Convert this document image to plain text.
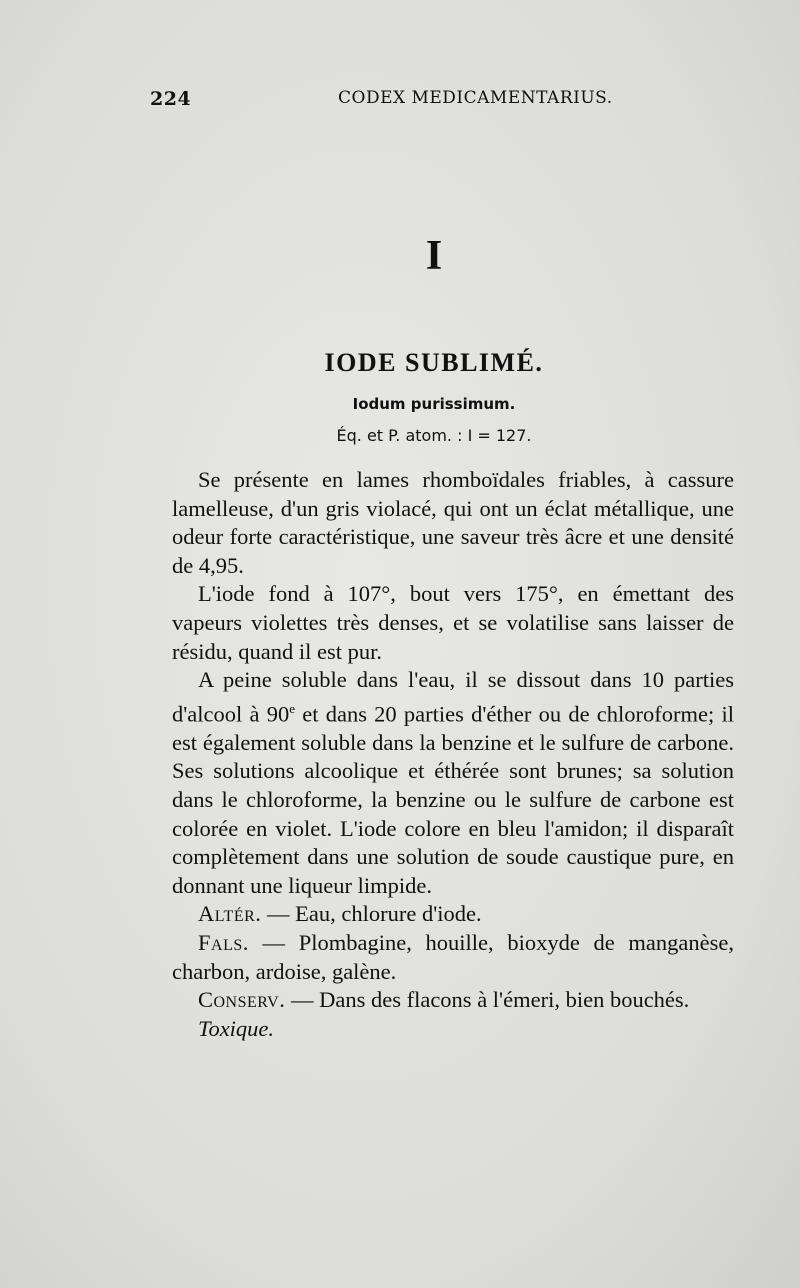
224	CODEX MEDICAMENTARIUS.
I
IODE SUBLIMÉ.
Iodum purissimum.
Éq. et P. atom. : I = 127.

Se présente en lames rhomboïdales friables, à cassure lamelleuse, d'un gris violacé, qui ont un éclat métallique, une odeur forte caractéristique, une saveur très âcre et une densité de 4,95.

L'iode fond à 107°, bout vers 175°, en émettant des vapeurs violettes très denses, et se volatilise sans laisser de résidu, quand il est pur.

A peine soluble dans l'eau, il se dissout dans 10 parties d'alcool à 90e et dans 20 parties d'éther ou de chloroforme; il est également soluble dans la benzine et le sulfure de carbone. Ses solutions alcoolique et éthérée sont brunes; sa solution dans le chloroforme, la benzine ou le sulfure de carbone est colorée en violet. L'iode colore en bleu l'amidon; il disparaît complètement dans une solution de soude caustique pure, en donnant une liqueur limpide.

Altér. — Eau, chlorure d'iode.

Fals. — Plombagine, houille, bioxyde de manganèse, charbon, ardoise, galène.

Conserv. — Dans des flacons à l'émeri, bien bouchés.

Toxique.
